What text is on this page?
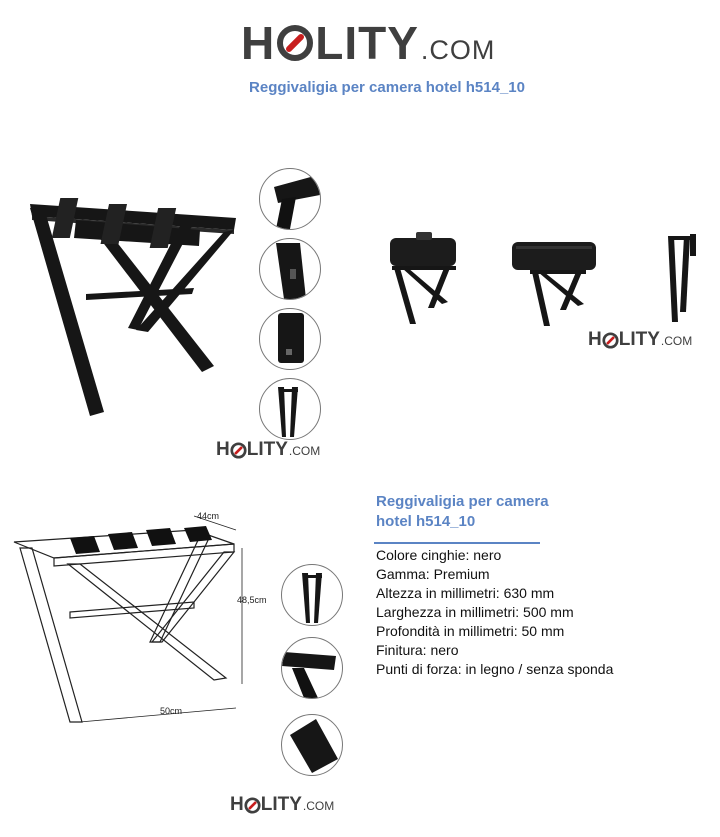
H LITY .COM
Reggivaligia per camera hotel h514_10
H LITY .COM
H LITY .COM
44cm
48,5cm
50cm
H LITY .COM
Reggivaligia per camera
hotel h514_10
Colore cinghie: nero
Gamma: Premium
Altezza in millimetri: 630 mm
Larghezza in millimetri: 500 mm
Profondità in millimetri: 50 mm
Finitura: nero
Punti di forza: in legno / senza sponda
